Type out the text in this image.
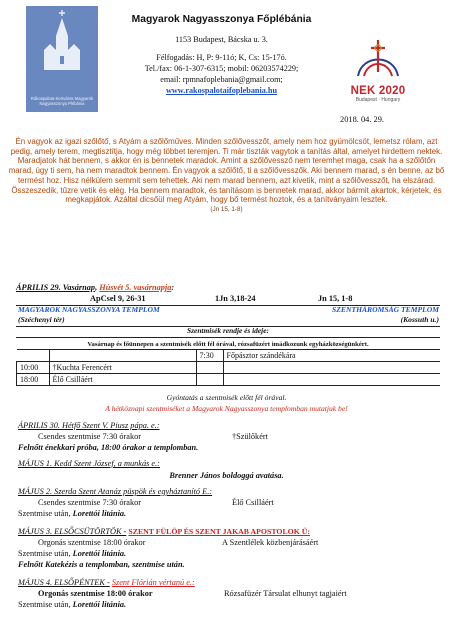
Rákospalota-Kertváros Magyarok Nagyasszonya Plébánia
Magyarok Nagyasszonya Főplébánia
1153 Budapest, Bácska u. 3.
Félfogadás: H, P: 9-11ó; K, Cs: 15-17ó.
Tel./fax: 06-1-307-6315; mobil: 06203574229;
email: rpmnafoplebania@gmail.com;
www.rakospalotaifoplebania.hu	NEK 2020
Budapest · Hungary
2018. 04. 29.
Én vagyok az igazi szőlőtő, s Atyám a szőlőműves. Minden szőlővesszőt, amely nem hoz gyümölcsöt, lemetsz rólam, azt pedig, amely terem, megtisztítja, hogy még többet teremjen. Ti már tiszták vagytok a tanítás által, amelyet hirdettem nektek. Maradjatok hát bennem, s akkor én is bennetek maradok. Amint a szőlővessző nem teremhet maga, csak ha a szőlőtőn marad, úgy ti sem, ha nem maradtok bennem. Én vagyok a szőlőtő, ti a szőlővesszők. Aki bennem marad, s én benne, az bő termést hoz. Hisz nélkülem semmit sem tehettek. Aki nem marad bennem, azt kivetik, mint a szőlővesszőt, ha elszárad. Összeszedik, tűzre vetik és elég. Ha bennem maradtok, és tanításom is bennetek marad, akkor bármit akartok, kérjetek, és megkapjátok. Azáltal dicsőül meg Atyám, hogy bő termést hoztok, és a tanítványaim lesztek.
(Jn 15, 1-8)
ÁPRILIS 29. Vasárnap, Húsvét 5. vasárnapja:
ApCsel 9, 26-31	1Jn 3,18-24	Jn 15, 1-8
MAGYAROK NAGYASSZONYA TEMPLOM	SZENTHÁROMSÁG TEMPLOM
(Széchenyi tér)	(Kossuth u.)
Szentmisék rendje és ideje:
Vasárnap és főünnepen a szentmisék előtt fél órával, rózsafüzért imádkozunk egyházközségünkért.
		7:30	Főpásztor szándékára
10:00	†Kuchta Ferencért		
18:00	Élő Csilláért		
Gyóntatás a szentmisék előtt fél órával.
A hétköznapi szentmiséket a Magyarok Nagyasszonya templomban mutatjuk be!
ÁPRILIS 30. Hétfő Szent V. Piusz pápa. e.:
Csendes szentmise 7:30 órakor	†Szülőkért
Felnőtt énekkari próba, 18:00 órakor a templomban.
MÁJUS 1. Kedd Szent József, a munkás e.:
Brenner János boldoggá avatása.
MÁJUS 2. Szerda Szent Atanáz püspök és egyháztanító E.:
Csendes szentmise 7:30 órakor	Élő Csilláért
Szentmise után, Lorettói litánia.
MÁJUS 3. ELSŐCSÜTÖRTÖK - SZENT FÜLÖP ÉS SZENT JAKAB APOSTOLOK Ü:
Orgonás szentmise 18:00 órakor	A Szentlélek közbenjárásáért
Szentmise után, Lorettói litánia.
Felnőtt Katekézis a templomban, szentmise után.
MÁJUS 4. ELSŐPÉNTEK - Szent Flórián vértanú e.:
Orgonás szentmise 18:00 órakor	Rózsafüzér Társulat elhunyt tagjaiért
Szentmise után, Lorettói litánia.
